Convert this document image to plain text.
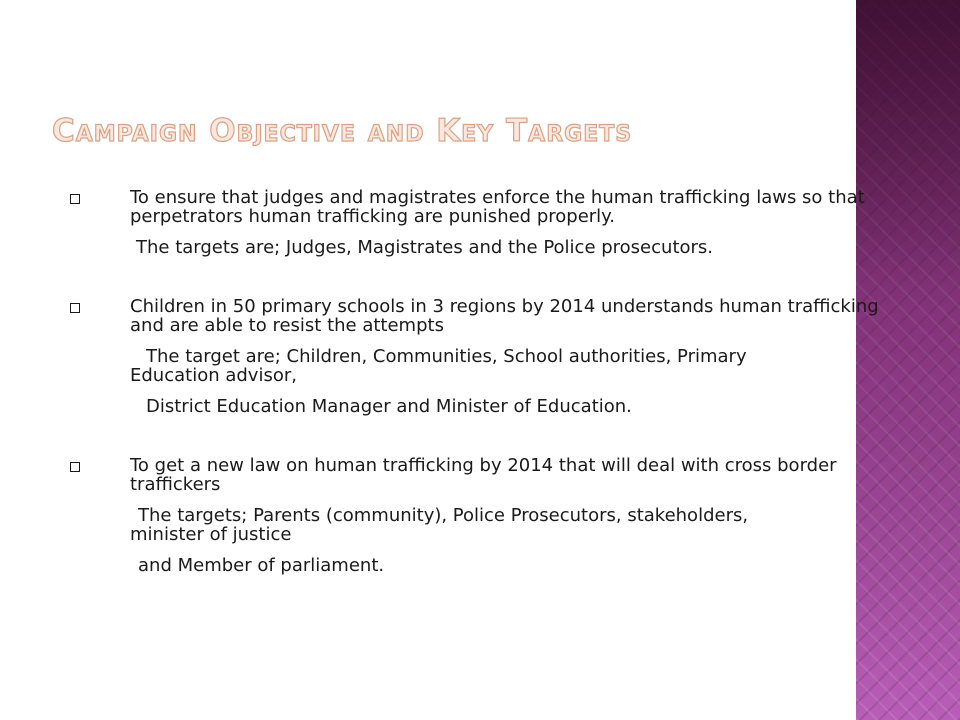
Campaign Objective and Key Targets

To ensure that judges and magistrates enforce the human trafficking laws so that perpetrators human trafficking are punished properly.

The targets are; Judges, Magistrates and the Police prosecutors.

Children in 50 primary schools in 3 regions by 2014 understands human trafficking and are able to resist the attempts

The target are; Children, Communities, School authorities, Primary
Education advisor,

District Education Manager and Minister of Education.

To get a new law on human trafficking by 2014 that will deal with cross border traffickers

The targets; Parents (community), Police Prosecutors, stakeholders,
minister of justice

and Member of parliament.
